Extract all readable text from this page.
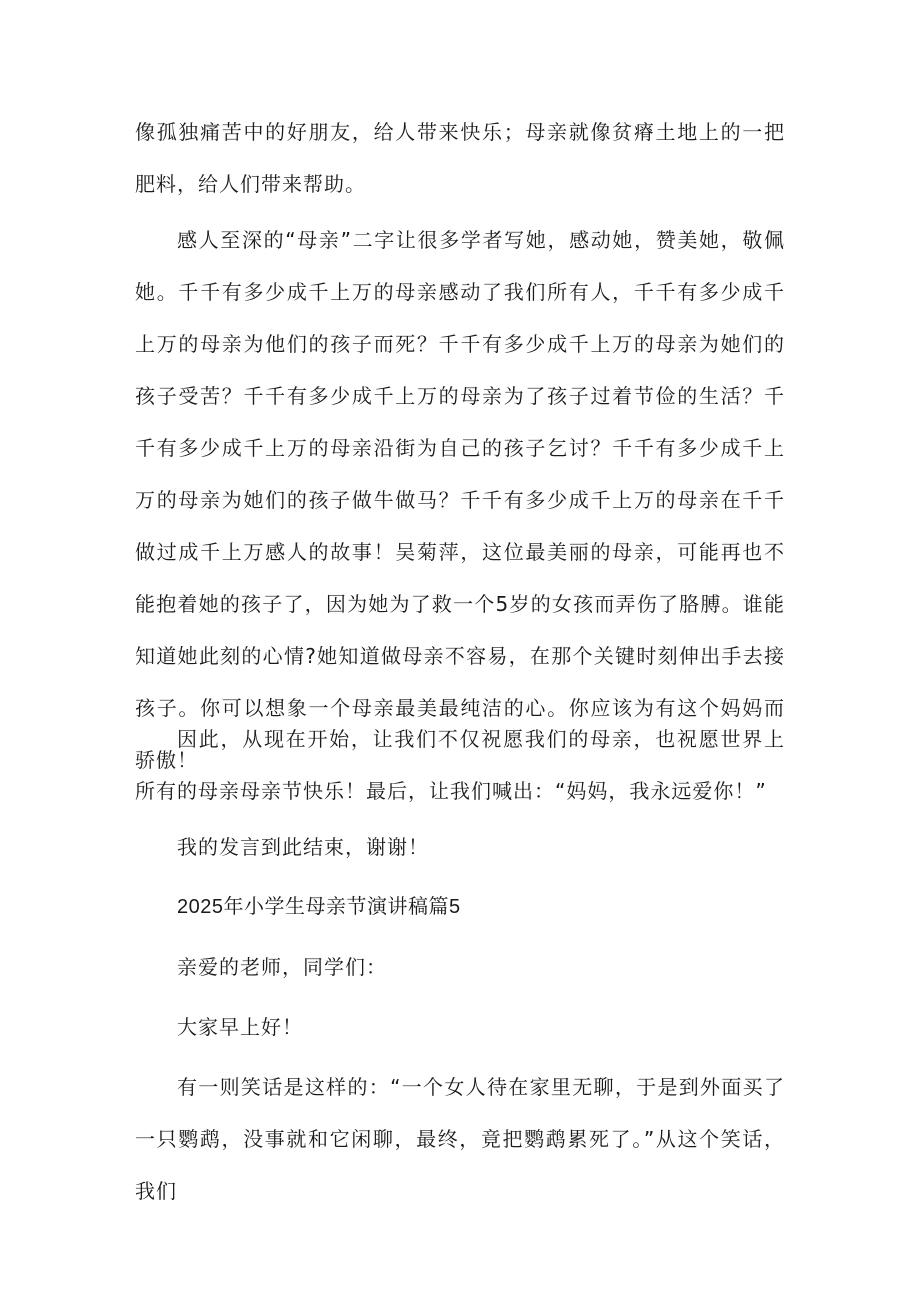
像孤独痛苦中的好朋友，给人带来快乐；母亲就像贫瘠土地上的一把肥料，给人们带来帮助。

感人至深的“母亲”二字让很多学者写她，感动她，赞美她，敬佩她。千千有多少成千上万的母亲感动了我们所有人，千千有多少成千上万的母亲为他们的孩子而死？千千有多少成千上万的母亲为她们的孩子受苦？千千有多少成千上万的母亲为了孩子过着节俭的生活？千千有多少成千上万的母亲沿街为自己的孩子乞讨？千千有多少成千上万的母亲为她们的孩子做牛做马？千千有多少成千上万的母亲在千千做过成千上万感人的故事！吴菊萍，这位最美丽的母亲，可能再也不能抱着她的孩子了，因为她为了救一个5岁的女孩而弄伤了胳膊。谁能知道她此刻的心情?她知道做母亲不容易，在那个关键时刻伸出手去接孩子。你可以想象一个母亲最美最纯洁的心。你应该为有这个妈妈而骄傲！

因此，从现在开始，让我们不仅祝愿我们的母亲，也祝愿世界上所有的母亲母亲节快乐！最后，让我们喊出：“妈妈，我永远爱你！”

我的发言到此结束，谢谢！

2025年小学生母亲节演讲稿篇5

亲爱的老师，同学们：

大家早上好！

有一则笑话是这样的：“一个女人待在家里无聊，于是到外面买了一只鹦鹉，没事就和它闲聊，最终，竟把鹦鹉累死了。”从这个笑话，我们
